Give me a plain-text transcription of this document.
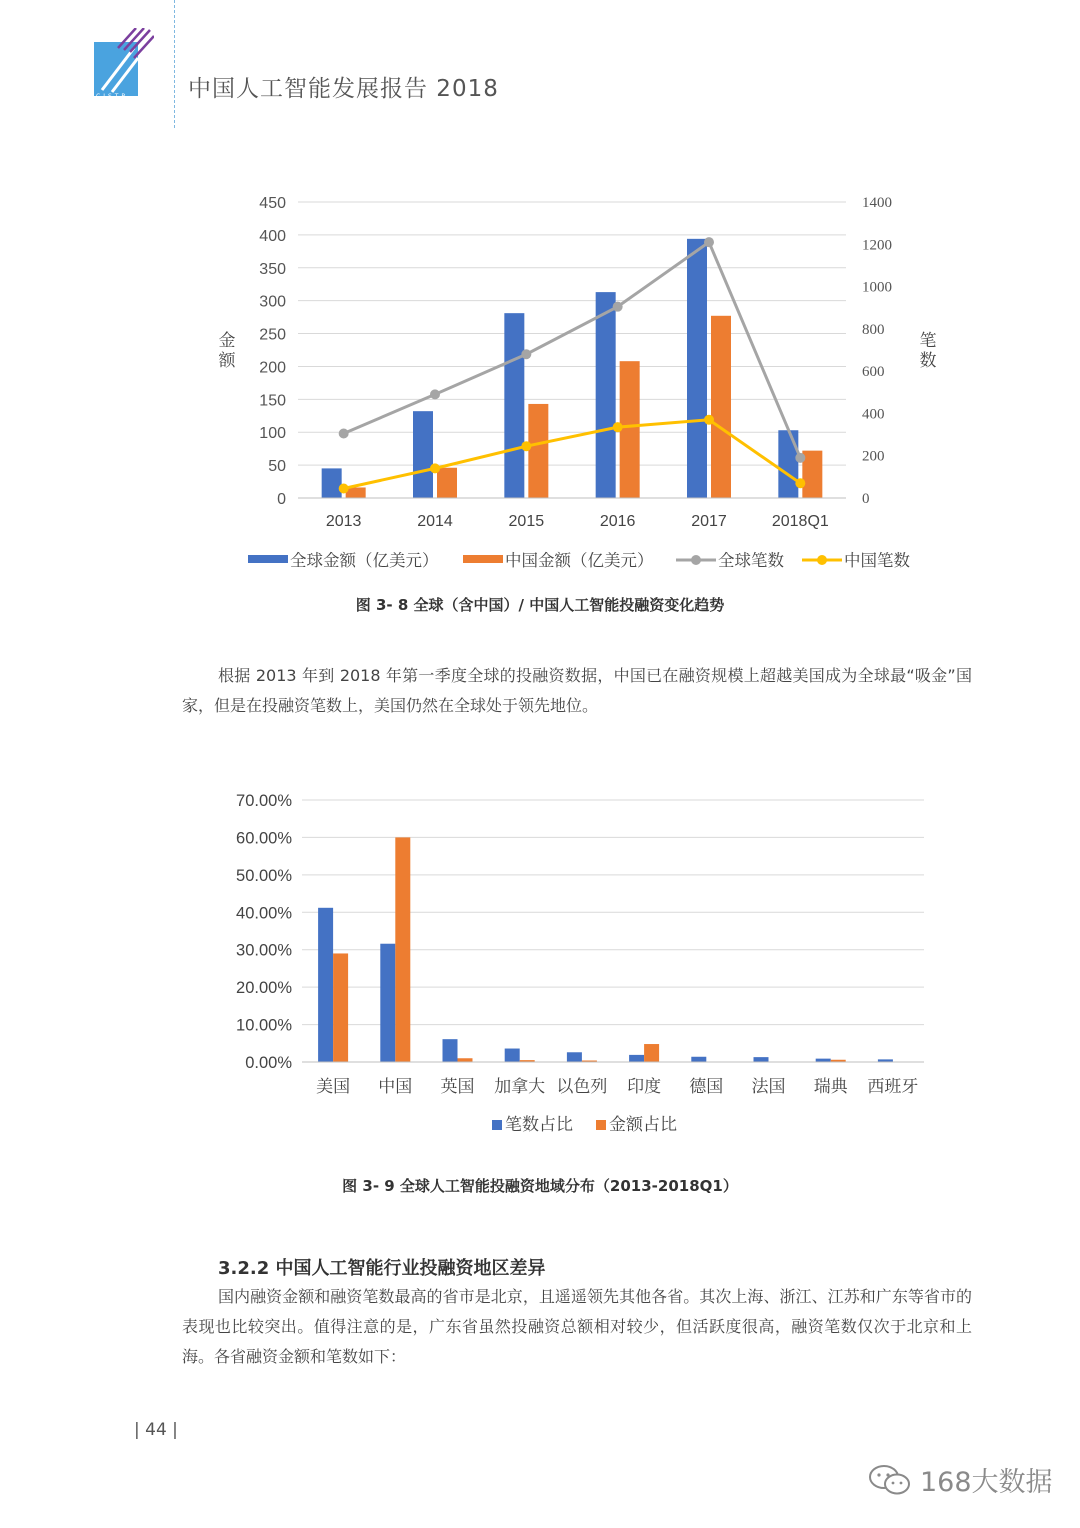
CISTP	中国人工智能发展报告 2018
0
50
100
150
200
250
300
350
400
450
0
200
400
600
800
1000
1200
1400
金
额
笔
数
2013	2014	2015	2016	2017	2018Q1
全球金额（亿美元）	中国金额（亿美元）	全球笔数	中国笔数
图 3- 8 全球（含中国）/ 中国人工智能投融资变化趋势

根据 2013 年到 2018 年第一季度全球的投融资数据，中国已在融资规模上超越美国成为全球最“吸金”国家，但是在投融资笔数上，美国仍然在全球处于领先地位。

0.00%
10.00%
20.00%
30.00%
40.00%
50.00%
60.00%
70.00%
美国 中国 英国 加拿大 以色列 印度 德国 法国 瑞典 西班牙
笔数占比 金额占比
图 3- 9 全球人工智能投融资地域分布（2013-2018Q1）
3.2.2 中国人工智能行业投融资地区差异

国内融资金额和融资笔数最高的省市是北京，且遥遥领先其他各省。其次上海、浙江、江苏和广东等省市的表现也比较突出。值得注意的是，广东省虽然投融资总额相对较少，但活跃度很高，融资笔数仅次于北京和上海。各省融资金额和笔数如下：

| 44 |
168大数据
